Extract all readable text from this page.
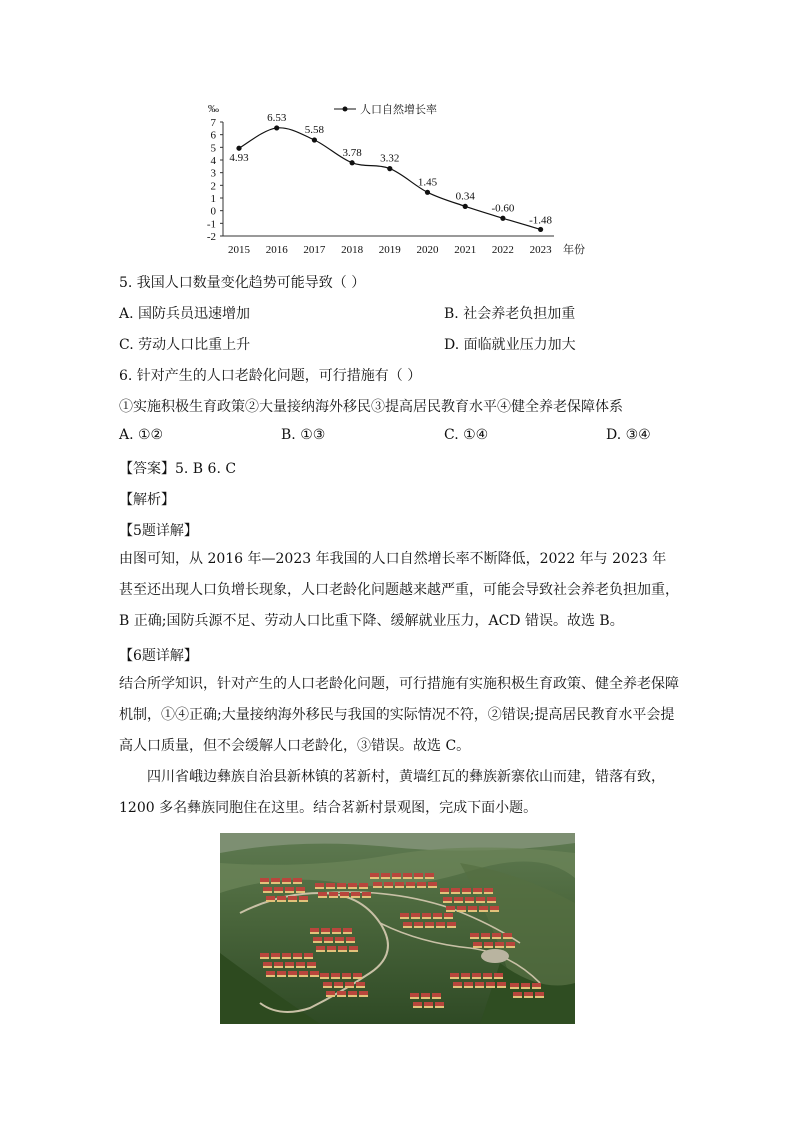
‰	人口自然增长率
7
6
5
4
3
2
1
0
-1
-2
2015 2016 2017 2018 2019 2020 2021 2022 2023
4.93
6.53
5.58
3.78 3.32
1.45
0.34
-0.60
-1.48
年份
5. 我国人口数量变化趋势可能导致（ ）
A. 国防兵员迅速增加	B. 社会养老负担加重
C. 劳动人口比重上升	D. 面临就业压力加大
6. 针对产生的人口老龄化问题，可行措施有（ ）
①实施积极生育政策②大量接纳海外移民③提高居民教育水平④健全养老保障体系
A. ①②	B. ①③	C. ①④	D. ③④
【答案】5. B 6. C
【解析】
【5题详解】
由图可知，从 2016 年—2023 年我国的人口自然增长率不断降低，2022 年与 2023 年甚至还出现人口负增长现象，人口老龄化问题越来越严重，可能会导致社会养老负担加重，B 正确;国防兵源不足、劳动人口比重下降、缓解就业压力，ACD 错误。故选 B。
【6题详解】
结合所学知识，针对产生的人口老龄化问题，可行措施有实施积极生育政策、健全养老保障机制，①④正确;大量接纳海外移民与我国的实际情况不符，②错误;提高居民教育水平会提高人口质量，但不会缓解人口老龄化，③错误。故选 C。
四川省峨边彝族自治县新林镇的茗新村，黄墙红瓦的彝族新寨依山而建，错落有致，1200 多名彝族同胞住在这里。结合茗新村景观图，完成下面小题。
